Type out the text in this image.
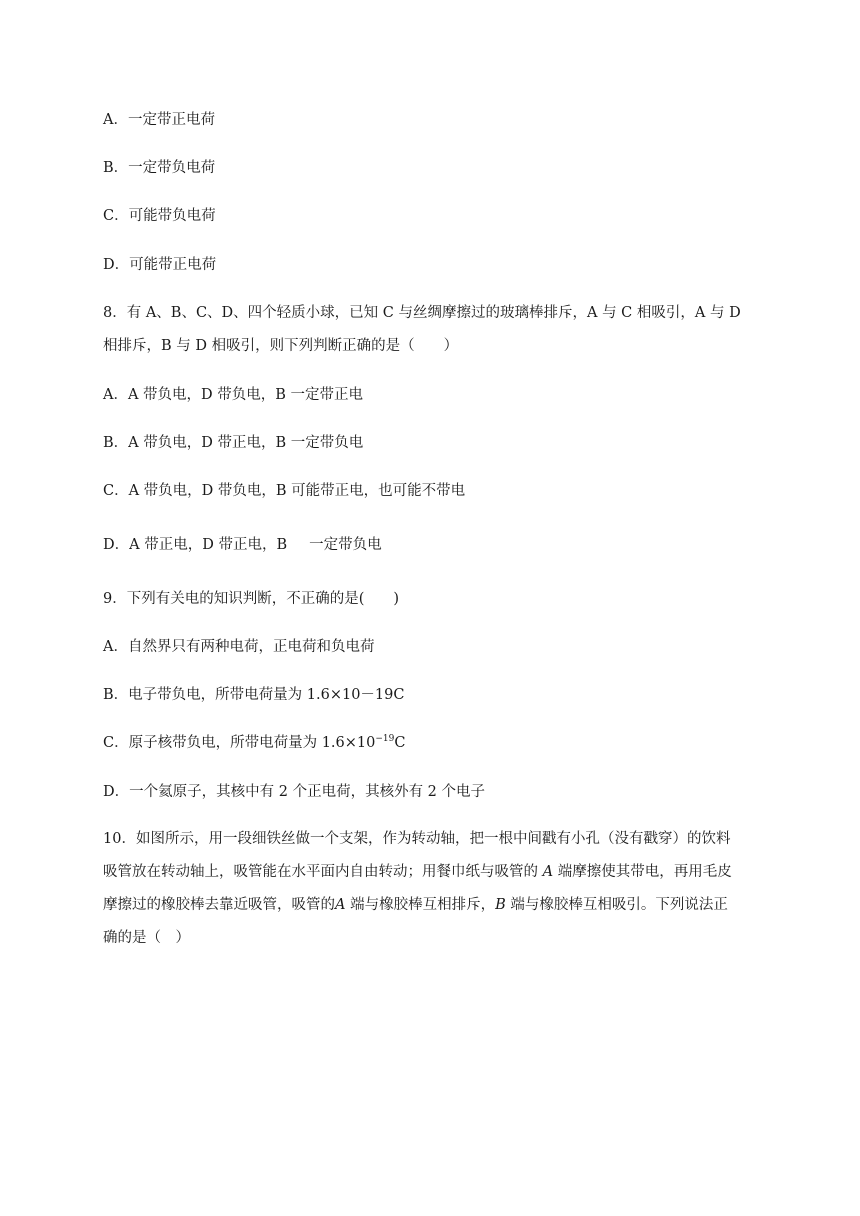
A．一定带正电荷
B．一定带负电荷
C．可能带负电荷
D．可能带正电荷
8．有 A、B、C、D、四个轻质小球，已知 C 与丝绸摩擦过的玻璃棒排斥，A 与 C 相吸引，A 与 D
相排斥，B 与 D 相吸引，则下列判断正确的是（　　）
A．A 带负电，D 带负电，B 一定带正电
B．A 带负电，D 带正电，B 一定带负电
C．A 带负电，D 带负电，B 可能带正电，也可能不带电
D．A 带正电，D 带正电，B 一定带负电
9．下列有关电的知识判断，不正确的是(　　)
A．自然界只有两种电荷，正电荷和负电荷
B．电子带负电，所带电荷量为 1.6×10－19C
C．原子核带负电，所带电荷量为 $1.6\times 10^{-19}C$
D．一个氦原子，其核中有 2 个正电荷，其核外有 2 个电子
10．如图所示，用一段细铁丝做一个支架，作为转动轴，把一根中间戳有小孔（没有戳穿）的饮料
吸管放在转动轴上，吸管能在水平面内自由转动；用餐巾纸与吸管的 A 端摩擦使其带电，再用毛皮
摩擦过的橡胶棒去靠近吸管，吸管的A 端与橡胶棒互相排斥，B 端与橡胶棒互相吸引。下列说法正
确的是（　）
